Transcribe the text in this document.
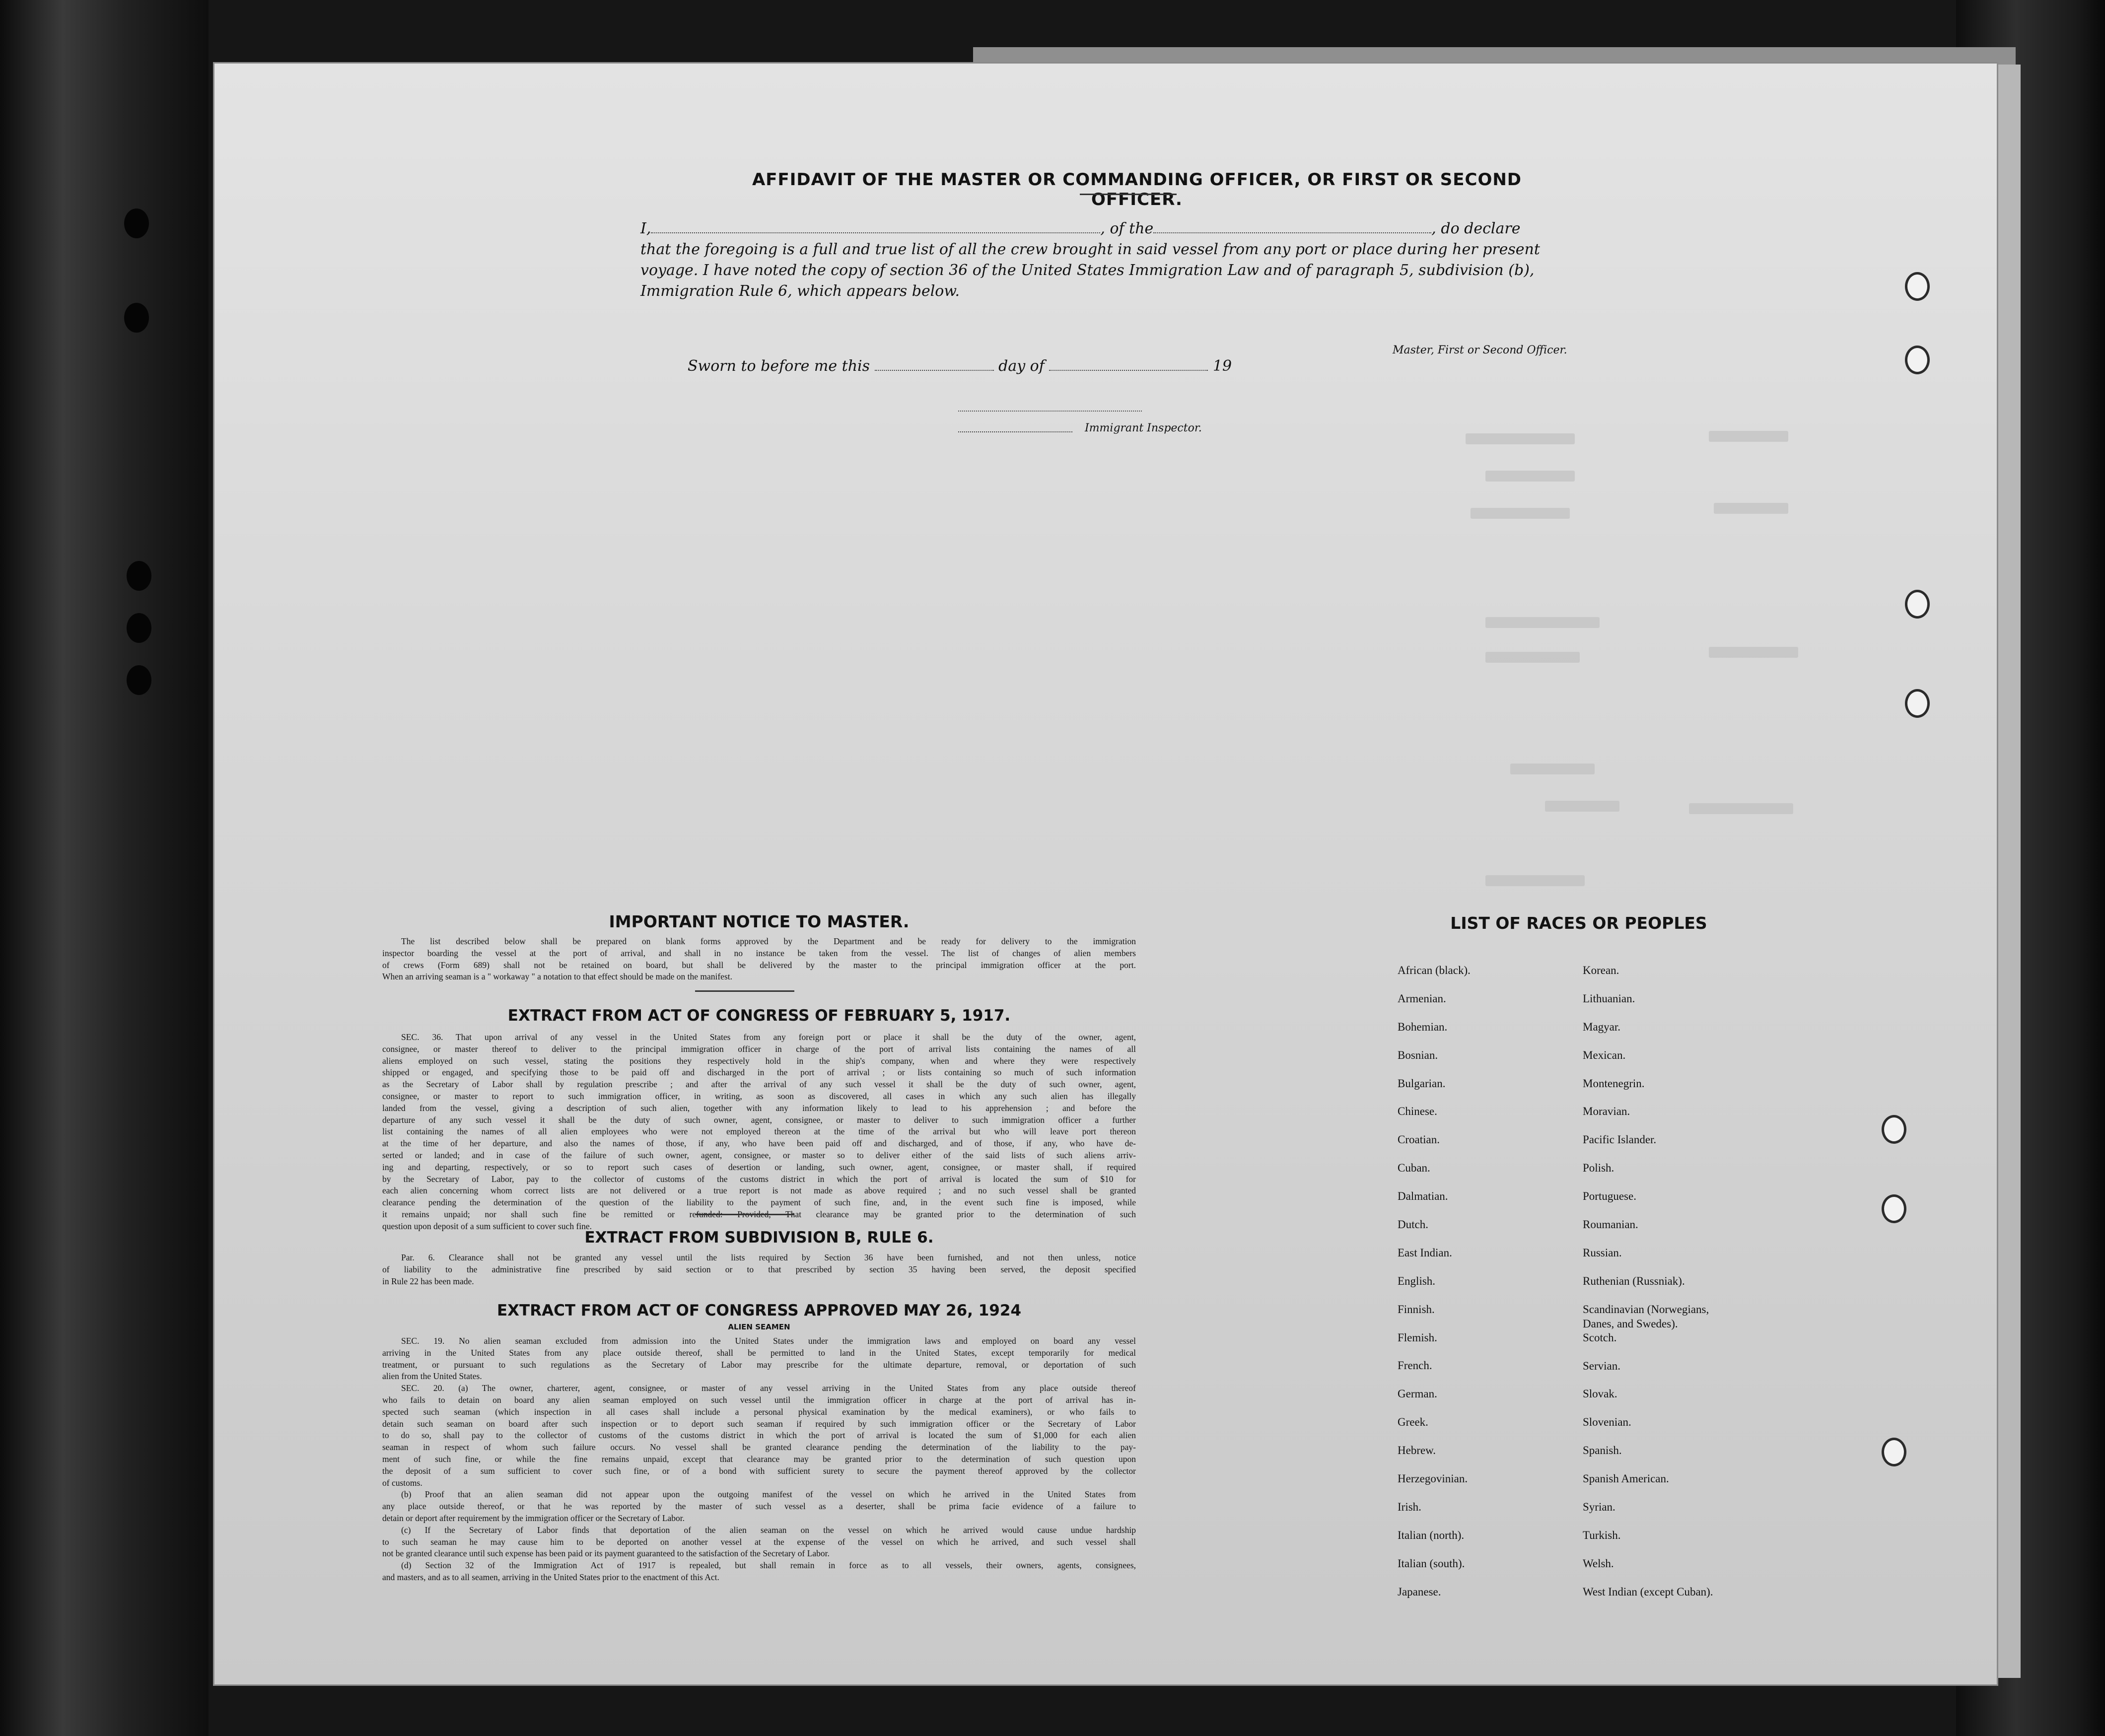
AFFIDAVIT OF THE MASTER OR COMMANDING OFFICER, OR FIRST OR SECOND OFFICER.
I,	, of the	, do declare
that the foregoing is a full and true list of all the crew brought in said vessel from any port or place during her present
voyage. I have noted the copy of section 36 of the United States Immigration Law and of paragraph 5, subdivision (b),
Immigration Rule 6, which appears below.
Master, First or Second Officer.
Sworn to before me this	day of	19
Immigrant Inspector.
IMPORTANT NOTICE TO MASTER.
The list described below shall be prepared on blank forms approved by the Department and be ready for delivery to the immigration
inspector boarding the vessel at the port of arrival, and shall in no instance be taken from the vessel. The list of changes of alien members
of crews (Form 689) shall not be retained on board, but shall be delivered by the master to the principal immigration officer at the port.
When an arriving seaman is a " workaway " a notation to that effect should be made on the manifest.
EXTRACT FROM ACT OF CONGRESS OF FEBRUARY 5, 1917.
SEC. 36. That upon arrival of any vessel in the United States from any foreign port or place it shall be the duty of the owner, agent,
consignee, or master thereof to deliver to the principal immigration officer in charge of the port of arrival lists containing the names of all
aliens employed on such vessel, stating the positions they respectively hold in the ship's company, when and where they were respectively
shipped or engaged, and specifying those to be paid off and discharged in the port of arrival ; or lists containing so much of such information
as the Secretary of Labor shall by regulation prescribe ; and after the arrival of any such vessel it shall be the duty of such owner, agent,
consignee, or master to report to such immigration officer, in writing, as soon as discovered, all cases in which any such alien has illegally
landed from the vessel, giving a description of such alien, together with any information likely to lead to his apprehension ; and before the
departure of any such vessel it shall be the duty of such owner, agent, consignee, or master to deliver to such immigration officer a further
list containing the names of all alien employees who were not employed thereon at the time of the arrival but who will leave port thereon
at the time of her departure, and also the names of those, if any, who have been paid off and discharged, and of those, if any, who have de-
serted or landed; and in case of the failure of such owner, agent, consignee, or master so to deliver either of the said lists of such aliens arriv-
ing and departing, respectively, or so to report such cases of desertion or landing, such owner, agent, consignee, or master shall, if required
by the Secretary of Labor, pay to the collector of customs of the customs district in which the port of arrival is located the sum of $10 for
each alien concerning whom correct lists are not delivered or a true report is not made as above required ; and no such vessel shall be granted
clearance pending the determination of the question of the liability to the payment of such fine, and, in the event such fine is imposed, while
it remains unpaid; nor shall such fine be remitted or refunded: Provided, That clearance may be granted prior to the determination of such
question upon deposit of a sum sufficient to cover such fine.
EXTRACT FROM SUBDIVISION B, RULE 6.
Par. 6. Clearance shall not be granted any vessel until the lists required by Section 36 have been furnished, and not then unless, notice
of liability to the administrative fine prescribed by said section or to that prescribed by section 35 having been served, the deposit specified
in Rule 22 has been made.
EXTRACT FROM ACT OF CONGRESS APPROVED MAY 26, 1924
ALIEN SEAMEN
SEC. 19. No alien seaman excluded from admission into the United States under the immigration laws and employed on board any vessel
arriving in the United States from any place outside thereof, shall be permitted to land in the United States, except temporarily for medical
treatment, or pursuant to such regulations as the Secretary of Labor may prescribe for the ultimate departure, removal, or deportation of such
alien from the United States.
SEC. 20. (a) The owner, charterer, agent, consignee, or master of any vessel arriving in the United States from any place outside thereof
who fails to detain on board any alien seaman employed on such vessel until the immigration officer in charge at the port of arrival has in-
spected such seaman (which inspection in all cases shall include a personal physical examination by the medical examiners), or who fails to
detain such seaman on board after such inspection or to deport such seaman if required by such immigration officer or the Secretary of Labor
to do so, shall pay to the collector of customs of the customs district in which the port of arrival is located the sum of $1,000 for each alien
seaman in respect of whom such failure occurs. No vessel shall be granted clearance pending the determination of the liability to the pay-
ment of such fine, or while the fine remains unpaid, except that clearance may be granted prior to the determination of such question upon
the deposit of a sum sufficient to cover such fine, or of a bond with sufficient surety to secure the payment thereof approved by the collector
of customs.
(b) Proof that an alien seaman did not appear upon the outgoing manifest of the vessel on which he arrived in the United States from
any place outside thereof, or that he was reported by the master of such vessel as a deserter, shall be prima facie evidence of a failure to
detain or deport after requirement by the immigration officer or the Secretary of Labor.
(c) If the Secretary of Labor finds that deportation of the alien seaman on the vessel on which he arrived would cause undue hardship
to such seaman he may cause him to be deported on another vessel at the expense of the vessel on which he arrived, and such vessel shall
not be granted clearance until such expense has been paid or its payment guaranteed to the satisfaction of the Secretary of Labor.
(d) Section 32 of the Immigration Act of 1917 is repealed, but shall remain in force as to all vessels, their owners, agents, consignees,
and masters, and as to all seamen, arriving in the United States prior to the enactment of this Act.
LIST OF RACES OR PEOPLES
African (black).
Armenian.
Bohemian.
Bosnian.
Bulgarian.
Chinese.
Croatian.
Cuban.
Dalmatian.
Dutch.
East Indian.
English.
Finnish.
Flemish.
French.
German.
Greek.
Hebrew.
Herzegovinian.
Irish.
Italian (north).
Italian (south).
Japanese.
Korean.
Lithuanian.
Magyar.
Mexican.
Montenegrin.
Moravian.
Pacific Islander.
Polish.
Portuguese.
Roumanian.
Russian.
Ruthenian (Russniak).
Scandinavian (Norwegians,
Danes, and Swedes).
Scotch.
Servian.
Slovak.
Slovenian.
Spanish.
Spanish American.
Syrian.
Turkish.
Welsh.
West Indian (except Cuban).
